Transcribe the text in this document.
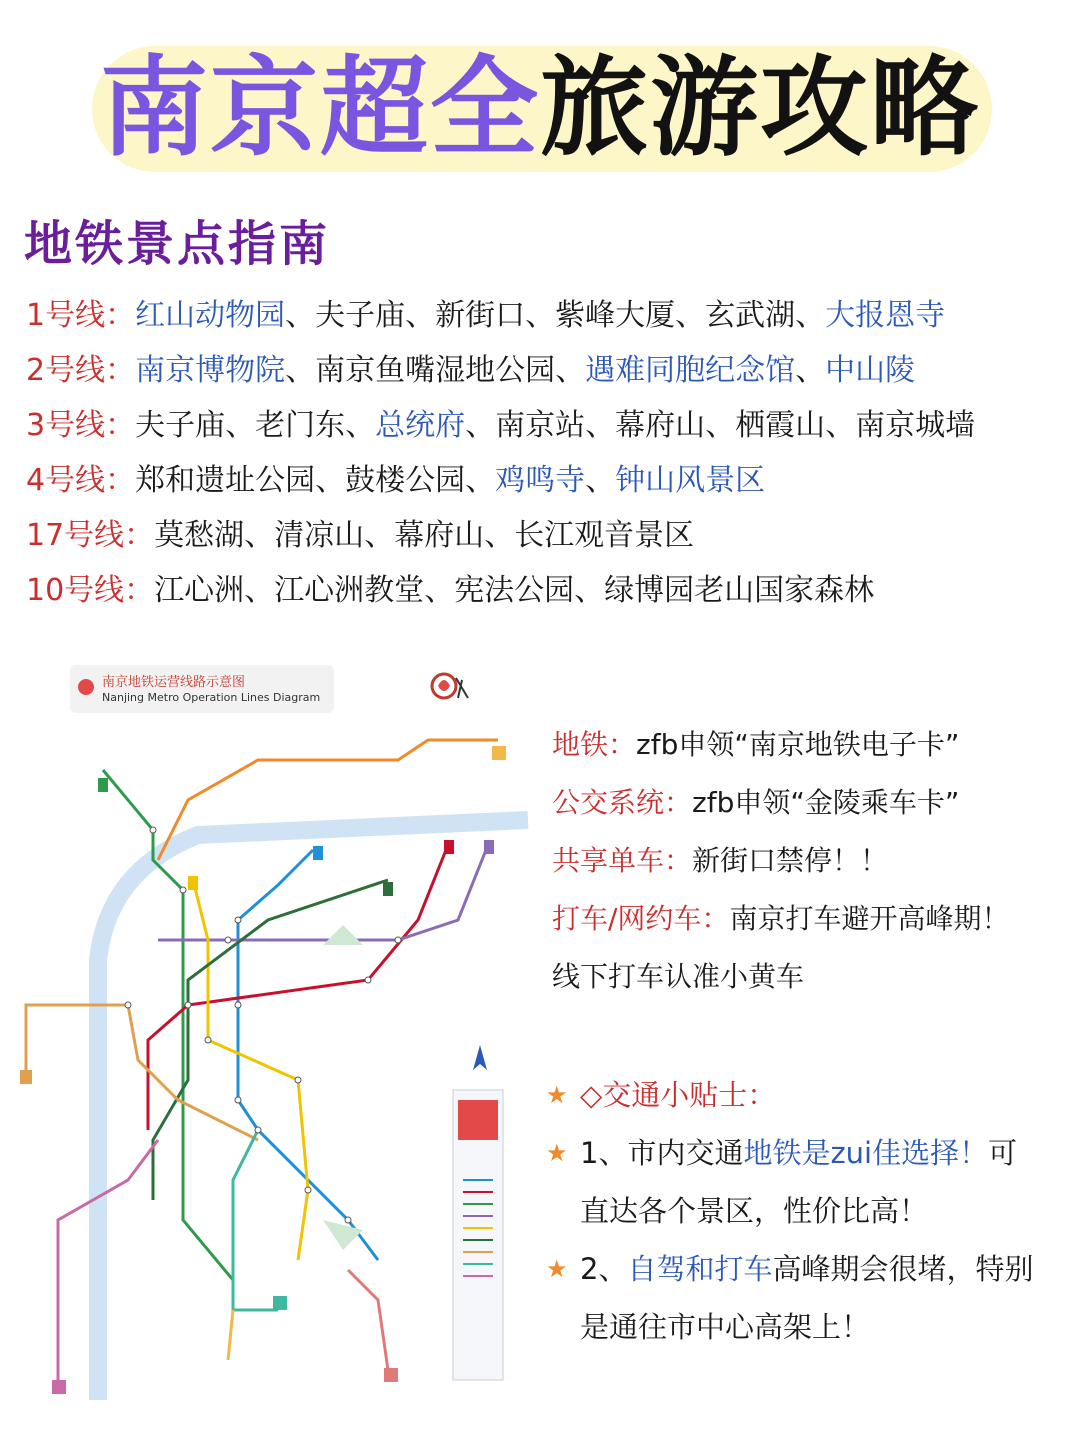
南京超全旅游攻略
地铁景点指南
1号线：红山动物园、夫子庙、新街口、紫峰大厦、玄武湖、大报恩寺
2号线：南京博物院、南京鱼嘴湿地公园、遇难同胞纪念馆、中山陵
3号线：夫子庙、老门东、总统府、南京站、幕府山、栖霞山、南京城墙
4号线：郑和遗址公园、鼓楼公园、鸡鸣寺、钟山风景区
17号线：莫愁湖、清凉山、幕府山、长江观音景区
10号线：江心洲、江心洲教堂、宪法公园、绿博园老山国家森林
南京地铁运营线路示意图
Nanjing Metro Operation Lines Diagram
地铁：zfb申领“南京地铁电子卡”
公交系统：zfb申领“金陵乘车卡”
共享单车：新街口禁停！！
打车/网约车：南京打车避开高峰期！
线下打车认准小黄车
★ ◇交通小贴士：
★ 1、市内交通地铁是zui佳选择！可
直达各个景区，性价比高！
★ 2、自驾和打车高峰期会很堵，特别
是通往市中心高架上！
